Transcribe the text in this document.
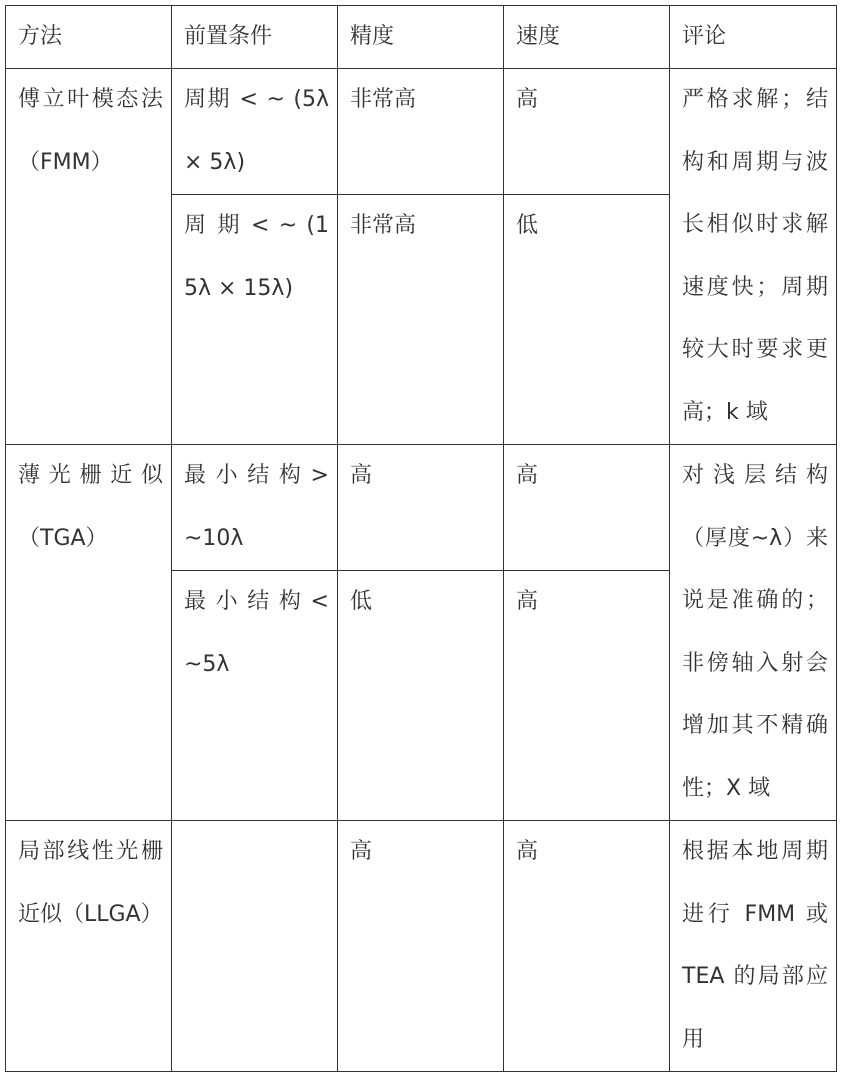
方法	前置条件	精度	速度	评论
傅立叶模态法（FMM）	周期 < ~ (5λ × 5λ)	非常高	高	严格求解；结构和周期与波长相似时求解速度快；周期较大时要求更高；k 域
	周 期 < ~ (15λ × 15λ)	非常高	低	
薄光栅近似（TGA）	最 小 结 构 >~10λ	高	高	对浅层结构（厚度~λ）来说是准确的；非傍轴入射会增加其不精确性；X 域
	最 小 结 构 <~5λ	低	高	
局部线性光栅近似（LLGA）		高	高	根据本地周期进行 FMM 或 TEA 的局部应用
